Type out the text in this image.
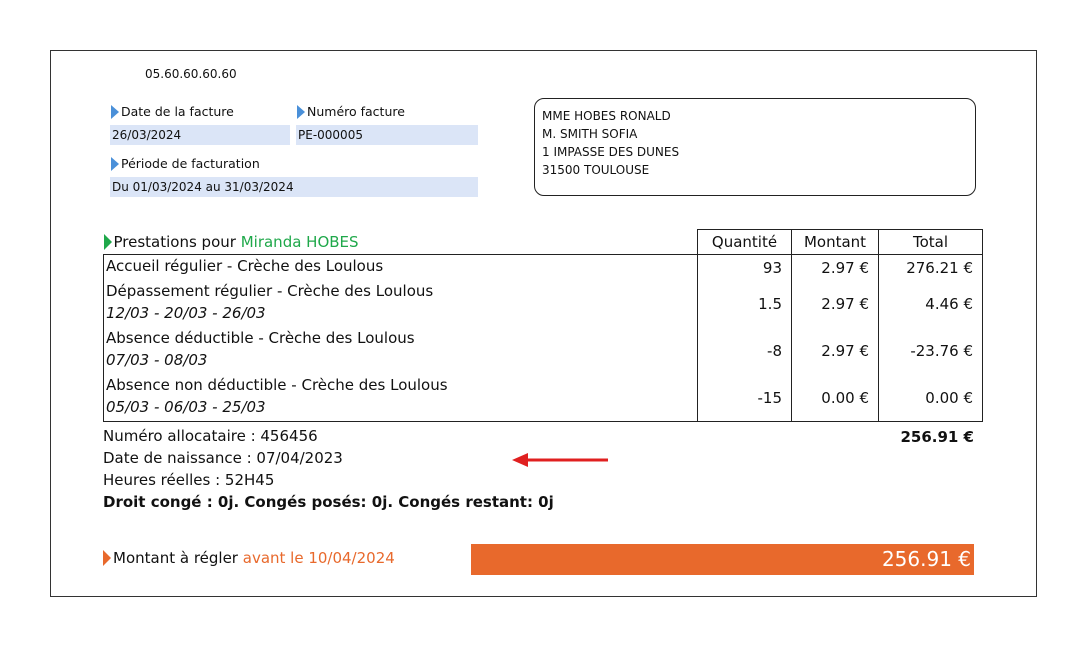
05.60.60.60.60
Date de la facture
26/03/2024
Numéro facture
PE-000005
Période de facturation
Du 01/03/2024 au 31/03/2024
MME HOBES RONALD
M. SMITH SOFIA
1 IMPASSE DES DUNES
31500 TOULOUSE
Prestations pour
Miranda HOBES	Quantité	Montant	Total
Accueil régulier - Crèche des Loulous	93	2.97 €	276.21 €
Dépassement régulier - Crèche des Loulous
12/03 - 20/03 - 26/03	1.5	2.97 €	4.46 €
Absence déductible - Crèche des Loulous
07/03 - 08/03	-8	2.97 €	-23.76 €
Absence non déductible - Crèche des Loulous
05/03 - 06/03 - 25/03	-15	0.00 €	0.00 €
Numéro allocataire : 456456
Date de naissance : 07/04/2023
Heures réelles : 52H45
Droit congé : 0j. Congés posés: 0j. Congés restant: 0j
256.91 €
Montant à régler
avant le 10/04/2024	256.91 €
